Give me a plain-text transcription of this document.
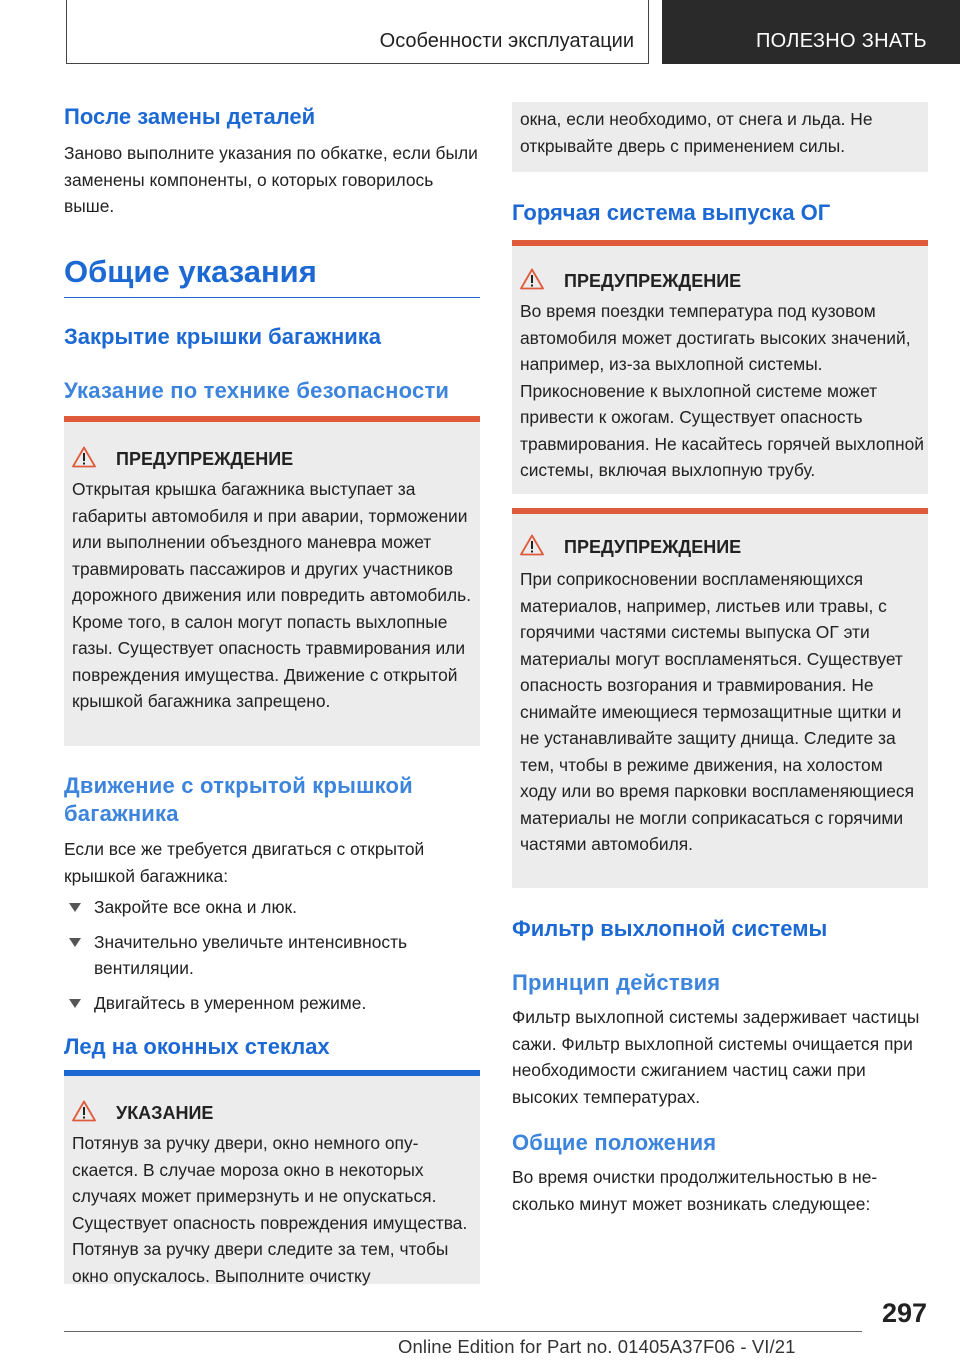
Особенности эксплуатации	ПОЛЕЗНО ЗНАТЬ
После замены деталей
Заново выполните указания по обкатке, если были заменены компоненты, о которых говорилось выше.
Общие указания
Закрытие крышки багажника
Указание по технике безопасности
ПРЕДУПРЕЖДЕНИЕ
Открытая крышка багажника выступает за габариты автомобиля и при аварии, торможении или выполнении объездного маневра может травмировать пассажиров и других участников дорожного движения или повредить автомобиль. Кроме того, в салон могут попасть выхлопные газы. Существует опасность травмирования или повреждения имущества. Движение с открытой крышкой багажника запрещено.
Движение с открытой крышкой багажника
Если все же требуется двигаться с открытой крышкой багажника:
Закройте все окна и люк.
Значительно увеличьте интенсивность вентиляции.
Двигайтесь в умеренном режиме.
Лед на оконных стеклах
УКАЗАНИЕ
Потянув за ручку двери, окно немного опускается. В случае мороза окно в некоторых случаях может примерзнуть и не опускаться. Существует опасность повреждения имущества. Потянув за ручку двери следите за тем, чтобы окно опускалось. Выполните очистку
окна, если необходимо, от снега и льда. Не открывайте дверь с применением силы.
Горячая система выпуска ОГ
ПРЕДУПРЕЖДЕНИЕ
Во время поездки температура под кузовом автомобиля может достигать высоких значений, например, из-за выхлопной системы. Прикосновение к выхлопной системе может привести к ожогам. Существует опасность травмирования. Не касайтесь горячей выхлопной системы, включая выхлопную трубу.
ПРЕДУПРЕЖДЕНИЕ
При соприкосновении воспламеняющихся материалов, например, листьев или травы, с горячими частями системы выпуска ОГ эти материалы могут воспламеняться. Существует опасность возгорания и травмирования. Не снимайте имеющиеся термозащитные щитки и не устанавливайте защиту днища. Следите за тем, чтобы в режиме движения, на холостом ходу или во время парковки воспламеняющиеся материалы не могли соприкасаться с горячими частями автомобиля.
Фильтр выхлопной системы
Принцип действия
Фильтр выхлопной системы задерживает частицы сажи. Фильтр выхлопной системы очищается при необходимости сжиганием частиц сажи при высоких температурах.
Общие положения
Во время очистки продолжительностью в несколько минут может возникать следующее:
297
Online Edition for Part no. 01405A37F06 - VI/21
